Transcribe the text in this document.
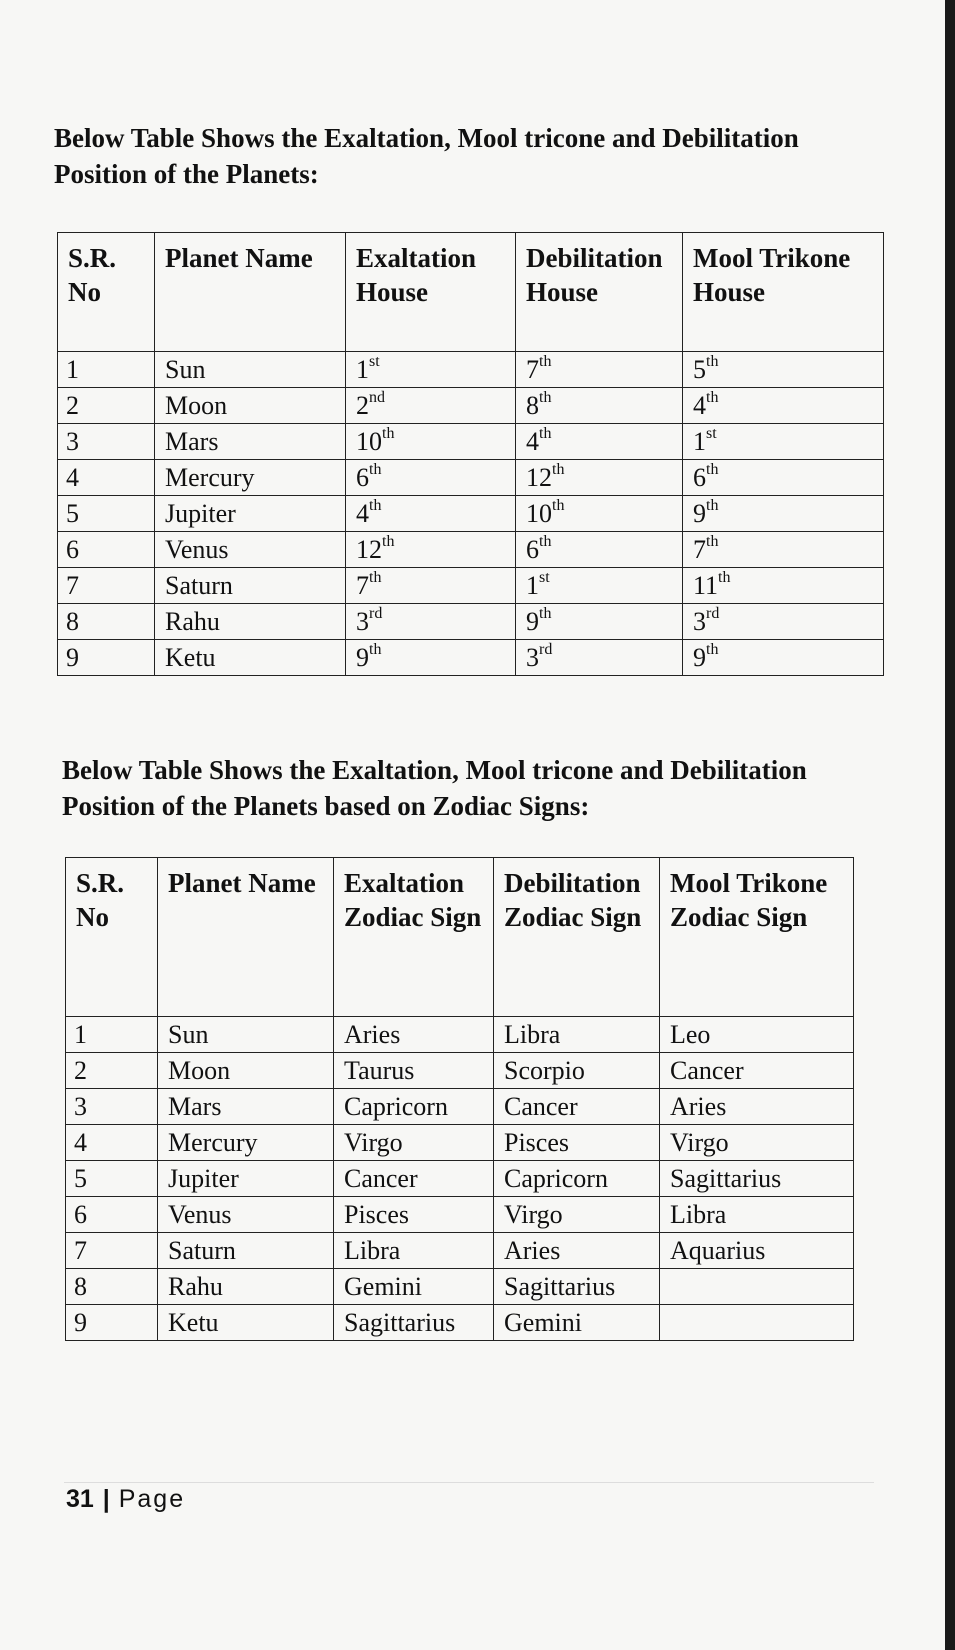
Below Table Shows the Exaltation, Mool tricone and Debilitation Position of the Planets:

S.R. No	Planet Name	Exaltation House	Debilitation House	Mool Trikone House
1	Sun	1st	7th	5th
2	Moon	2nd	8th	4th
3	Mars	10th	4th	1st
4	Mercury	6th	12th	6th
5	Jupiter	4th	10th	9th
6	Venus	12th	6th	7th
7	Saturn	7th	1st	11th
8	Rahu	3rd	9th	3rd
9	Ketu	9th	3rd	9th

Below Table Shows the Exaltation, Mool tricone and Debilitation Position of the Planets based on Zodiac Signs:

S.R. No	Planet Name	Exaltation Zodiac Sign	Debilitation Zodiac Sign	Mool Trikone Zodiac Sign
1	Sun	Aries	Libra	Leo
2	Moon	Taurus	Scorpio	Cancer
3	Mars	Capricorn	Cancer	Aries
4	Mercury	Virgo	Pisces	Virgo
5	Jupiter	Cancer	Capricorn	Sagittarius
6	Venus	Pisces	Virgo	Libra
7	Saturn	Libra	Aries	Aquarius
8	Rahu	Gemini	Sagittarius	
9	Ketu	Sagittarius	Gemini	
31 | Page
